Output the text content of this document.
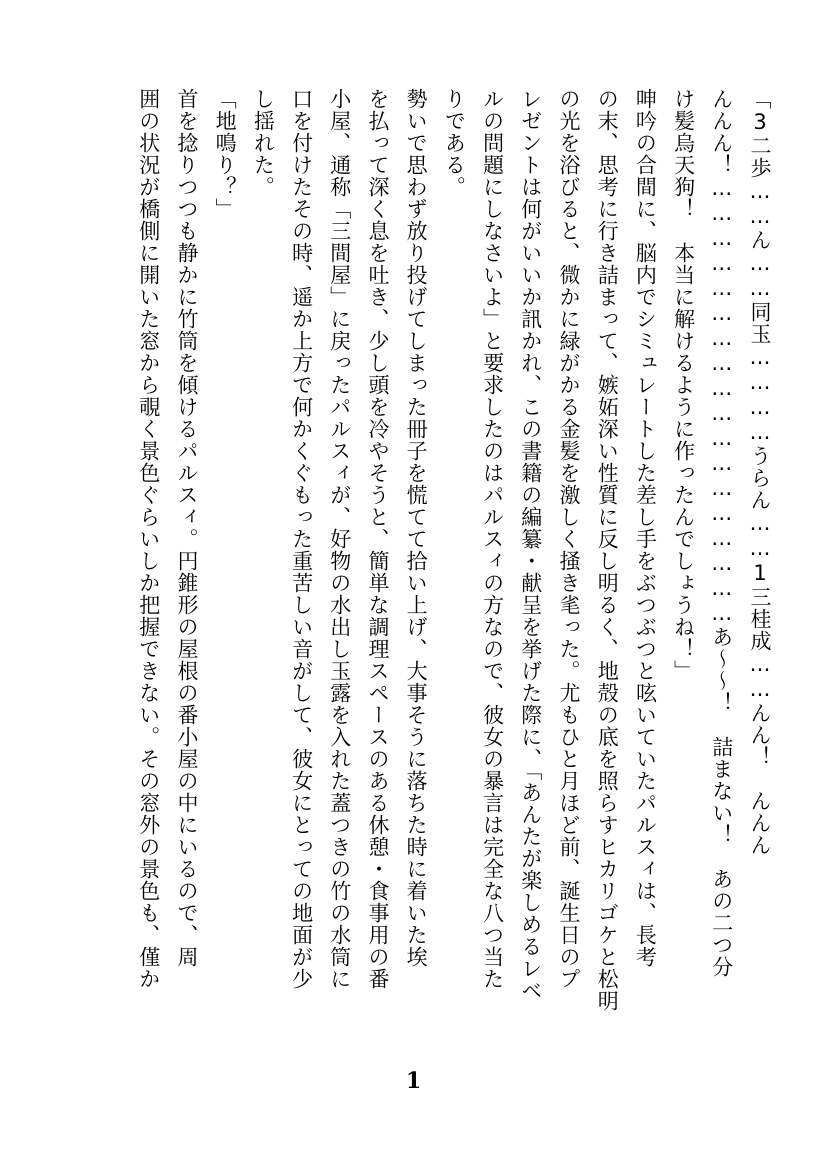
「3二歩……ん……同玉…………うらん……1三桂成……んん！　んんん

んんん！………………………………………………あ～～！　詰まない！　あの二つ分

け髪烏天狗！　本当に解けるように作ったんでしょうね！」

呻吟の合間に、脳内でシミュレートした差し手をぶつぶつと呟いていたパルスィは、長考

の末、思考に行き詰まって、嫉妬深い性質に反し明るく、地殻の底を照らすヒカリゴケと松明

の光を浴びると、微かに緑がかる金髪を激しく掻き毟った。尤もひと月ほど前、誕生日のプ

レゼントは何がいいか訊かれ、この書籍の編纂・献呈を挙げた際に、「あんたが楽しめるレベ

ルの問題にしなさいよ」と要求したのはパルスィの方なので、彼女の暴言は完全な八つ当た

りである。

勢いで思わず放り投げてしまった冊子を慌てて拾い上げ、大事そうに落ちた時に着いた埃

を払って深く息を吐き、少し頭を冷やそうと、簡単な調理スペースのある休憩・食事用の番

小屋、通称「三間屋」に戻ったパルスィが、好物の水出し玉露を入れた蓋つきの竹の水筒に

口を付けたその時、遥か上方で何かくぐもった重苦しい音がして、彼女にとっての地面が少

し揺れた。

「地鳴り？」

首を捻りつつも静かに竹筒を傾けるパルスィ。円錐形の屋根の番小屋の中にいるので、周

囲の状況が橋側に開いた窓から覗く景色ぐらいしか把握できない。その窓外の景色も、僅か

1
